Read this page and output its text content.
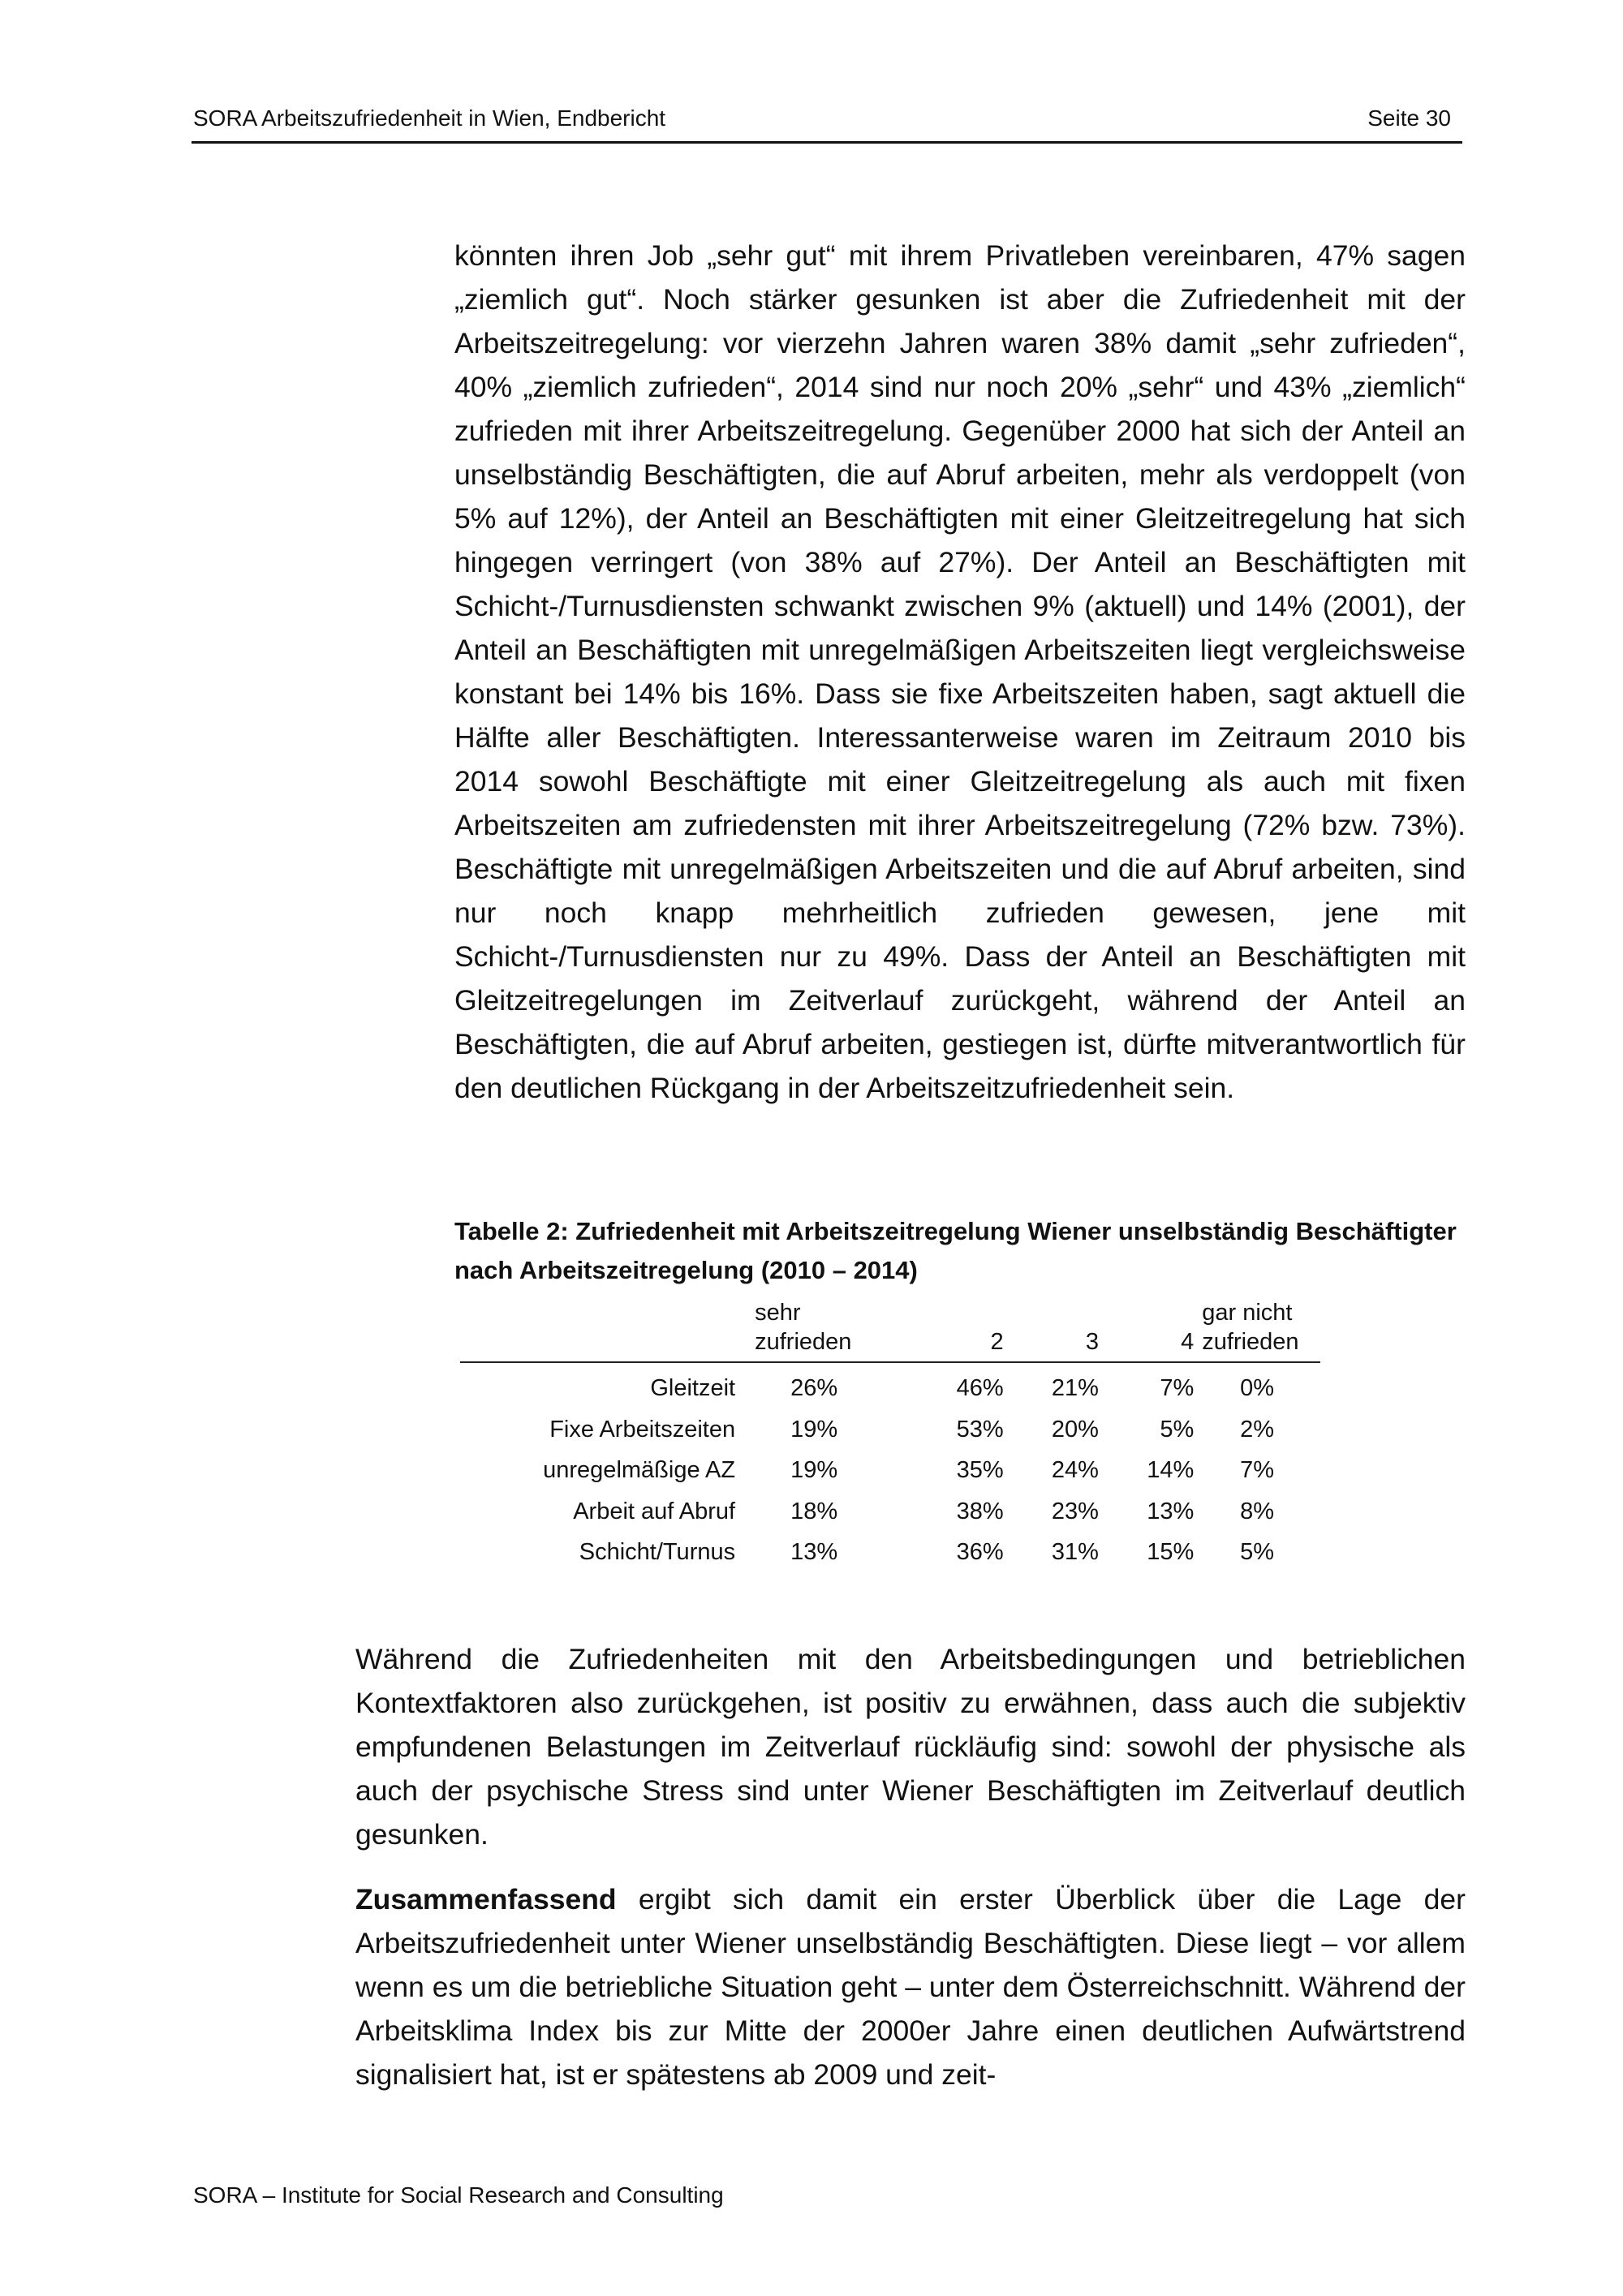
SORA Arbeitszufriedenheit in Wien, Endbericht	Seite 30

könnten ihren Job „sehr gut“ mit ihrem Privatleben vereinbaren, 47% sagen „ziemlich gut“. Noch stärker gesunken ist aber die Zufriedenheit mit der Arbeitszeitregelung: vor vierzehn Jahren waren 38% damit „sehr zufrieden“, 40% „ziemlich zufrieden“, 2014 sind nur noch 20% „sehr“ und 43% „ziemlich“ zufrieden mit ihrer Arbeitszeitregelung. Gegenüber 2000 hat sich der Anteil an unselbständig Beschäftigten, die auf Abruf arbeiten, mehr als verdoppelt (von 5% auf 12%), der Anteil an Beschäftigten mit einer Gleitzeitregelung hat sich hingegen verringert (von 38% auf 27%). Der Anteil an Beschäftigten mit Schicht-/Turnusdiensten schwankt zwischen 9% (aktuell) und 14% (2001), der Anteil an Beschäftigten mit unregelmäßigen Arbeitszeiten liegt vergleichsweise konstant bei 14% bis 16%. Dass sie fixe Arbeitszeiten haben, sagt aktuell die Hälfte aller Beschäftigten. Interessanterweise waren im Zeitraum 2010 bis 2014 sowohl Beschäftigte mit einer Gleitzeitregelung als auch mit fixen Arbeitszeiten am zufriedensten mit ihrer Arbeitszeitregelung (72% bzw. 73%). Beschäftigte mit unregelmäßigen Arbeitszeiten und die auf Abruf arbeiten, sind nur noch knapp mehrheitlich zufrieden gewesen, jene mit Schicht-/Turnusdiensten nur zu 49%. Dass der Anteil an Beschäftigten mit Gleitzeitregelungen im Zeitverlauf zurückgeht, während der Anteil an Beschäftigten, die auf Abruf arbeiten, gestiegen ist, dürfte mitverantwortlich für den deutlichen Rückgang in der Arbeitszeitzufriedenheit sein.

Tabelle 2: Zufriedenheit mit Arbeitszeitregelung Wiener unselbständig Beschäftigter nach Arbeitszeitregelung (2010 – 2014)

	sehr
zufrieden	2	3	4	gar nicht
zufrieden
Gleitzeit	26%	46%	21%	7%	0%
Fixe Arbeitszeiten	19%	53%	20%	5%	2%
unregelmäßige AZ	19%	35%	24%	14%	7%
Arbeit auf Abruf	18%	38%	23%	13%	8%
Schicht/Turnus	13%	36%	31%	15%	5%

Während die Zufriedenheiten mit den Arbeitsbedingungen und betrieblichen Kontextfaktoren also zurückgehen, ist positiv zu erwähnen, dass auch die subjektiv empfundenen Belastungen im Zeitverlauf rückläufig sind: sowohl der physische als auch der psychische Stress sind unter Wiener Beschäftigten im Zeitverlauf deutlich gesunken.

Zusammenfassend ergibt sich damit ein erster Überblick über die Lage der Arbeitszufriedenheit unter Wiener unselbständig Beschäftigten. Diese liegt – vor allem wenn es um die betriebliche Situation geht – unter dem Österreichschnitt. Während der Arbeitsklima Index bis zur Mitte der 2000er Jahre einen deutlichen Aufwärtstrend signalisiert hat, ist er spätestens ab 2009 und zeit-

SORA – Institute for Social Research and Consulting
